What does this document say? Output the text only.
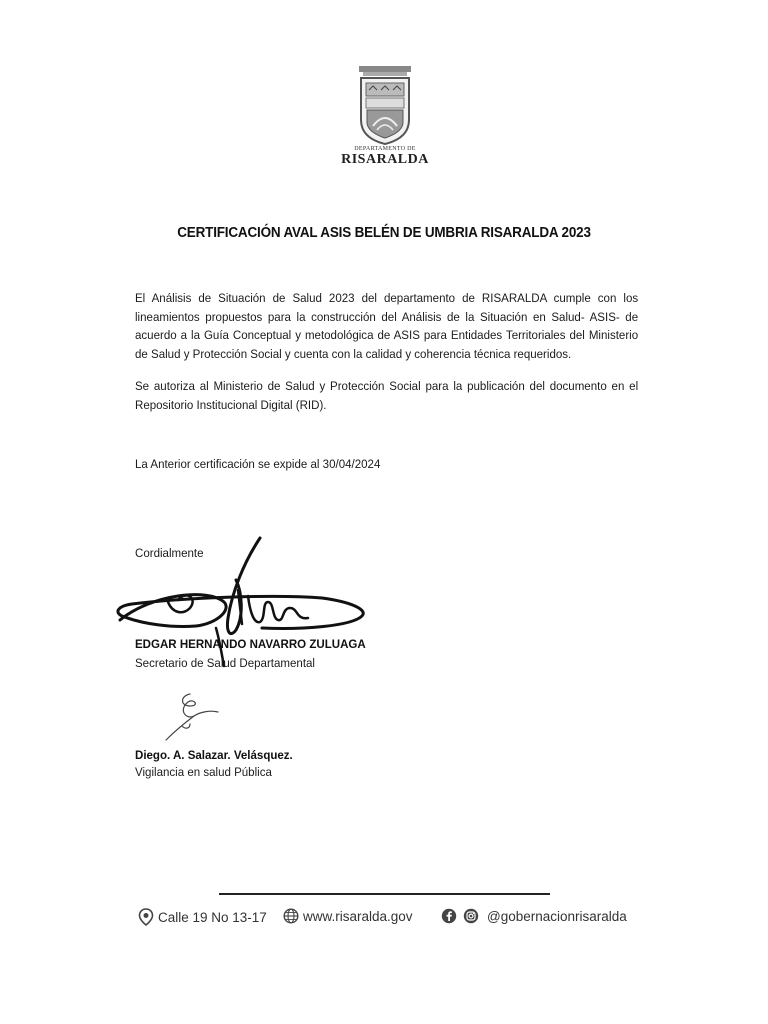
DEPARTAMENTO DE
RISARALDA
CERTIFICACIÓN AVAL ASIS BELÉN DE UMBRIA RISARALDA 2023
El Análisis de Situación de Salud 2023 del departamento de RISARALDA cumple con los lineamientos propuestos para la construcción del Análisis de la Situación en Salud- ASIS- de acuerdo a la Guía Conceptual y metodológica de ASIS para Entidades Territoriales del Ministerio de Salud y Protección Social y cuenta con la calidad y coherencia técnica requeridos.
Se autoriza al Ministerio de Salud y Protección Social para la publicación del documento en el Repositorio Institucional Digital (RID).
La Anterior certificación se expide al 30/04/2024
Cordialmente
EDGAR HERNANDO NAVARRO ZULUAGA
Secretario de Salud Departamental
Diego. A. Salazar. Velásquez.
Vigilancia en salud Pública
Calle 19 No 13-17	www.risaralda.gov	@gobernacionrisaralda
